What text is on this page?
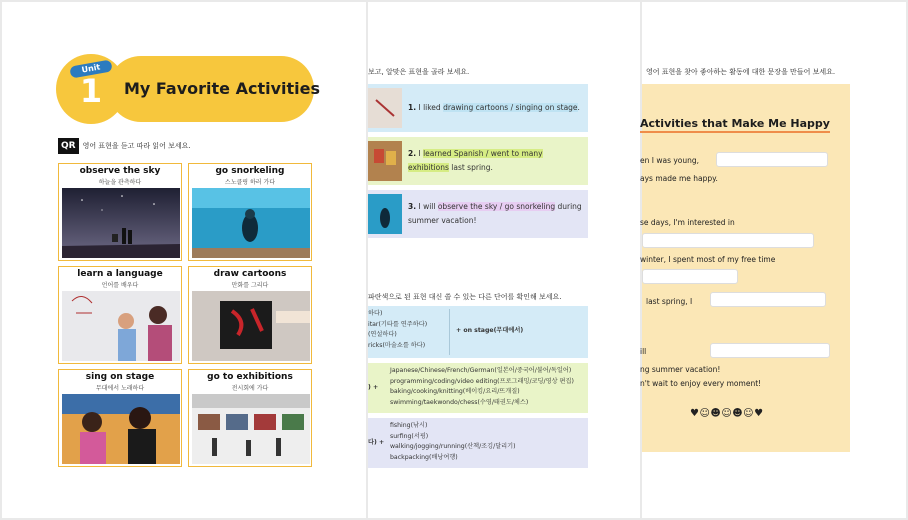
Unit
1	My Favorite Activities
QR	영어 표현을 듣고 따라 읽어 보세요.
observe the sky
하늘을 관측하다
go snorkeling
스노클링 하러 가다
learn a language
언어를 배우다
draw cartoons
만화를 그리다
sing on stage
무대에서 노래하다
go to exhibitions
전시회에 가다
보고, 알맞은 표현을 골라 보세요.
1. I liked drawing cartoons / singing on stage.
2. I learned Spanish / went to many exhibitions last spring.
3. I will observe the sky / go snorkeling during summer vacation!
파란색으로 된 표현 대신 쓸 수 있는 다른 단어를 확인해 보세요.
하다)
itar(기타를 연주하다)
(연설하다)
ricks(마술쇼를 하다)
+ on stage(무대에서)
) +
Japanese/Chinese/French/German(일본어/중국어/불어/독일어)
programming/coding/video editing(프로그래밍/코딩/영상 편집)
baking/cooking/knitting(베이킹/요리/뜨개질)
swimming/taekwondo/chess(수영/태권도/체스)
다) +
fishing(낚시)
surfing(서핑)
walking/jogging/running(산책/조깅/달리기)
backpacking(배낭여행)
영어 표현을 찾아 좋아하는 활동에 대한 문장을 만들어 보세요.
Activities that Make Me Happy
en I was young,
ays made me happy.
se days, I'm interested in
winter, I spent most of my free time
last spring, I
ill
ng summer vacation!
n't wait to enjoy every moment!
♥☺☻☺☻☺♥
